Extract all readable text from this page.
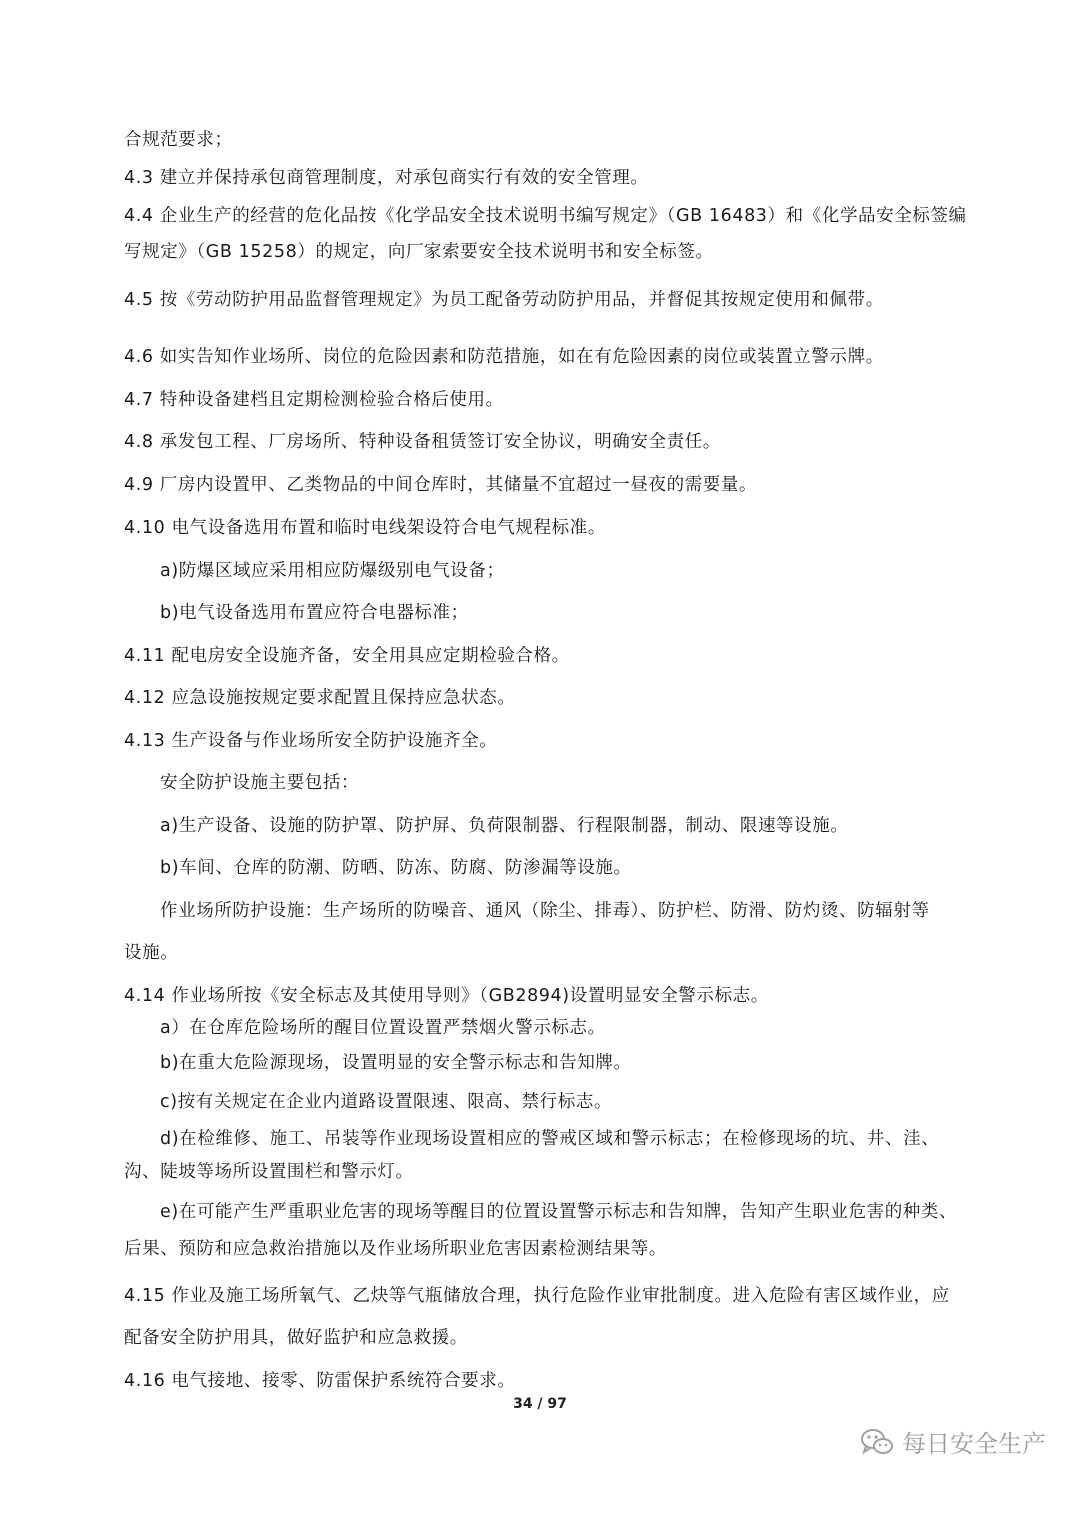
合规范要求；
4.3 建立并保持承包商管理制度，对承包商实行有效的安全管理。
4.4 企业生产的经营的危化品按《化学品安全技术说明书编写规定》（GB 16483）和《化学品安全标签编
写规定》（GB 15258）的规定，向厂家索要安全技术说明书和安全标签。
4.5 按《劳动防护用品监督管理规定》为员工配备劳动防护用品，并督促其按规定使用和佩带。
4.6 如实告知作业场所、岗位的危险因素和防范措施，如在有危险因素的岗位或装置立警示牌。
4.7 特种设备建档且定期检测检验合格后使用。
4.8 承发包工程、厂房场所、特种设备租赁签订安全协议，明确安全责任。
4.9 厂房内设置甲、乙类物品的中间仓库时，其储量不宜超过一昼夜的需要量。
4.10 电气设备选用布置和临时电线架设符合电气规程标准。
a)防爆区域应采用相应防爆级别电气设备；
b)电气设备选用布置应符合电器标准；
4.11 配电房安全设施齐备，安全用具应定期检验合格。
4.12 应急设施按规定要求配置且保持应急状态。
4.13 生产设备与作业场所安全防护设施齐全。
安全防护设施主要包括：
a)生产设备、设施的防护罩、防护屏、负荷限制器、行程限制器，制动、限速等设施。
b)车间、仓库的防潮、防晒、防冻、防腐、防渗漏等设施。
作业场所防护设施：生产场所的防噪音、通风（除尘、排毒）、防护栏、防滑、防灼烫、防辐射等
设施。
4.14 作业场所按《安全标志及其使用导则》（GB2894)设置明显安全警示标志。
a）在仓库危险场所的醒目位置设置严禁烟火警示标志。
b)在重大危险源现场，设置明显的安全警示标志和告知牌。
c)按有关规定在企业内道路设置限速、限高、禁行标志。
d)在检维修、施工、吊装等作业现场设置相应的警戒区域和警示标志；在检修现场的坑、井、洼、
沟、陡坡等场所设置围栏和警示灯。
e)在可能产生严重职业危害的现场等醒目的位置设置警示标志和告知牌，告知产生职业危害的种类、
后果、预防和应急救治措施以及作业场所职业危害因素检测结果等。
4.15 作业及施工场所氧气、乙炔等气瓶储放合理，执行危险作业审批制度。进入危险有害区域作业，应
配备安全防护用具，做好监护和应急救援。
4.16 电气接地、接零、防雷保护系统符合要求。
34 / 97
每日安全生产
